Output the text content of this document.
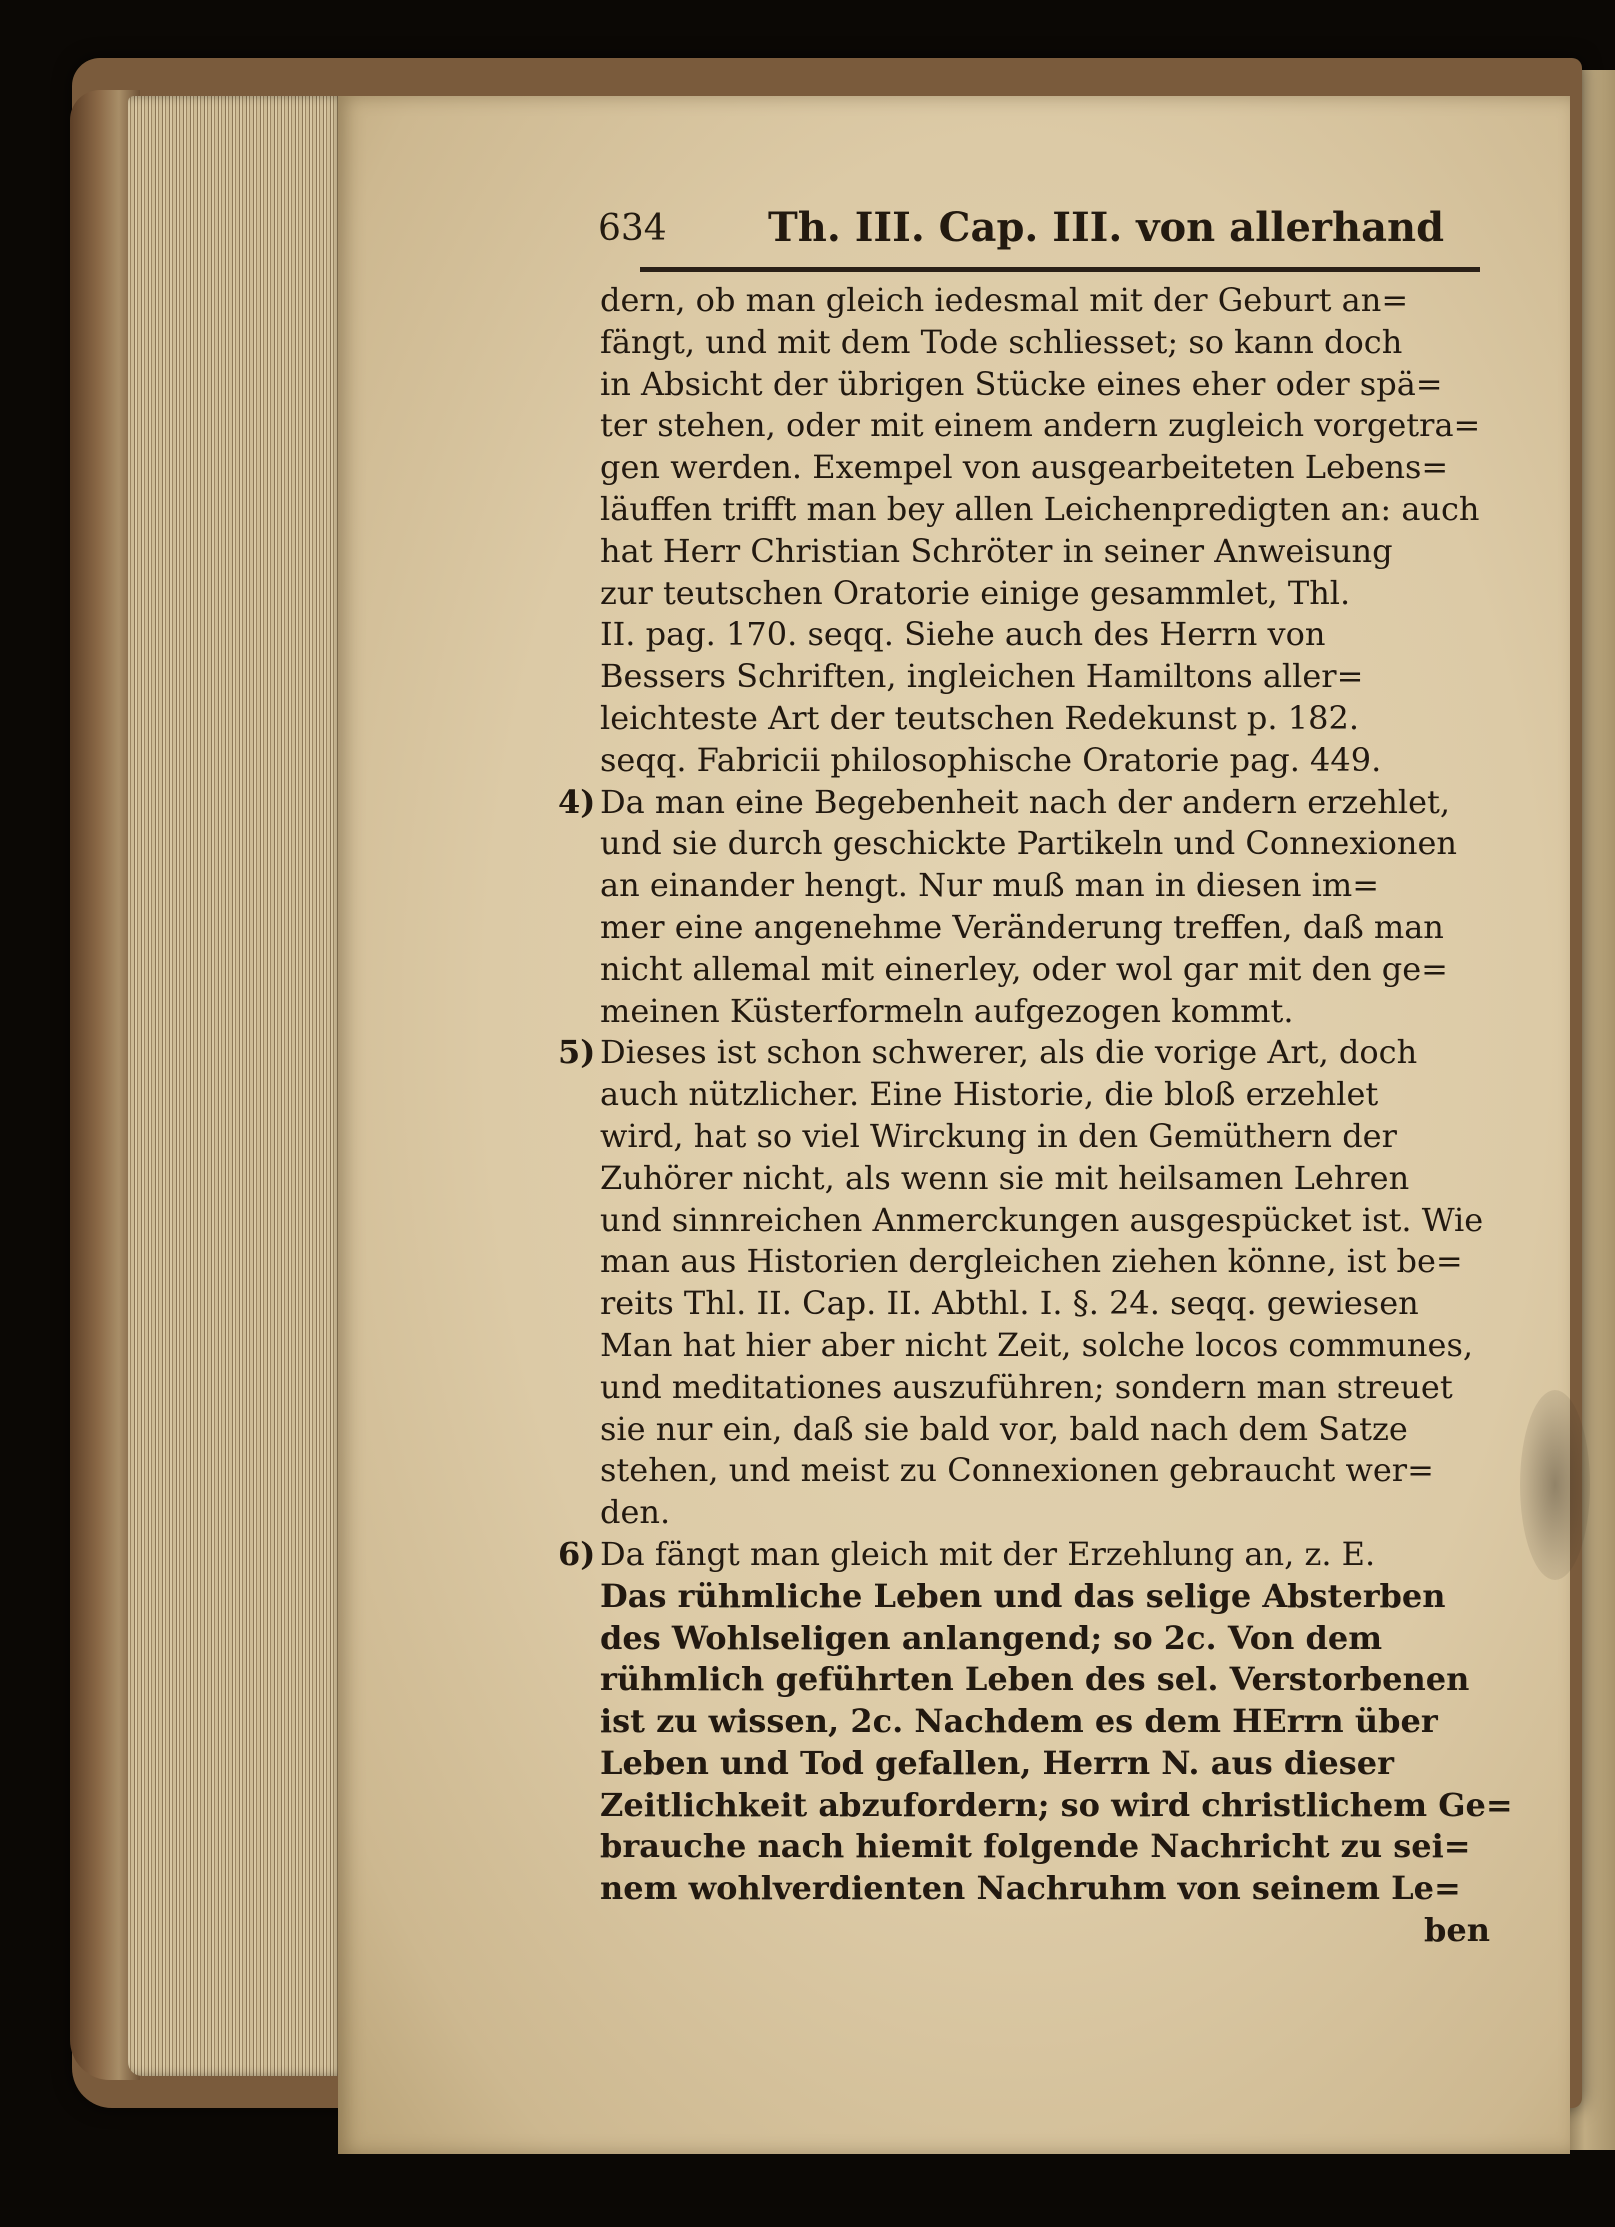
634	Th. III. Cap. III. von allerhand
dern, ob man gleich iedesmal mit der Geburt an=
fängt, und mit dem Tode schliesset; so kann doch
in Absicht der übrigen Stücke eines eher oder spä=
ter stehen, oder mit einem andern zugleich vorgetra=
gen werden. Exempel von ausgearbeiteten Lebens=
läuffen trifft man bey allen Leichenpredigten an: auch
hat Herr Christian Schröter in seiner Anweisung
zur teutschen Oratorie einige gesammlet, Thl.
II. pag. 170. seqq. Siehe auch des Herrn von
Bessers Schriften, ingleichen Hamiltons aller=
leichteste Art der teutschen Redekunst p. 182.
seqq. Fabricii philosophische Oratorie pag. 449.
4) Da man eine Begebenheit nach der andern erzehlet,
und sie durch geschickte Partikeln und Connexionen
an einander hengt. Nur muß man in diesen im=
mer eine angenehme Veränderung treffen, daß man
nicht allemal mit einerley, oder wol gar mit den ge=
meinen Küsterformeln aufgezogen kommt.
5) Dieses ist schon schwerer, als die vorige Art, doch
auch nützlicher. Eine Historie, die bloß erzehlet
wird, hat so viel Wirckung in den Gemüthern der
Zuhörer nicht, als wenn sie mit heilsamen Lehren
und sinnreichen Anmerckungen ausgespücket ist. Wie
man aus Historien dergleichen ziehen könne, ist be=
reits Thl. II. Cap. II. Abthl. I. §. 24. seqq. gewiesen
Man hat hier aber nicht Zeit, solche locos communes,
und meditationes auszuführen; sondern man streuet
sie nur ein, daß sie bald vor, bald nach dem Satze
stehen, und meist zu Connexionen gebraucht wer=
den.
6) Da fängt man gleich mit der Erzehlung an, z. E.
Das rühmliche Leben und das selige Absterben
des Wohlseligen anlangend; so 2c. Von dem
rühmlich geführten Leben des sel. Verstorbenen
ist zu wissen, 2c. Nachdem es dem HErrn über
Leben und Tod gefallen, Herrn N. aus dieser
Zeitlichkeit abzufordern; so wird christlichem Ge=
brauche nach hiemit folgende Nachricht zu sei=
nem wohlverdienten Nachruhm von seinem Le=
ben
